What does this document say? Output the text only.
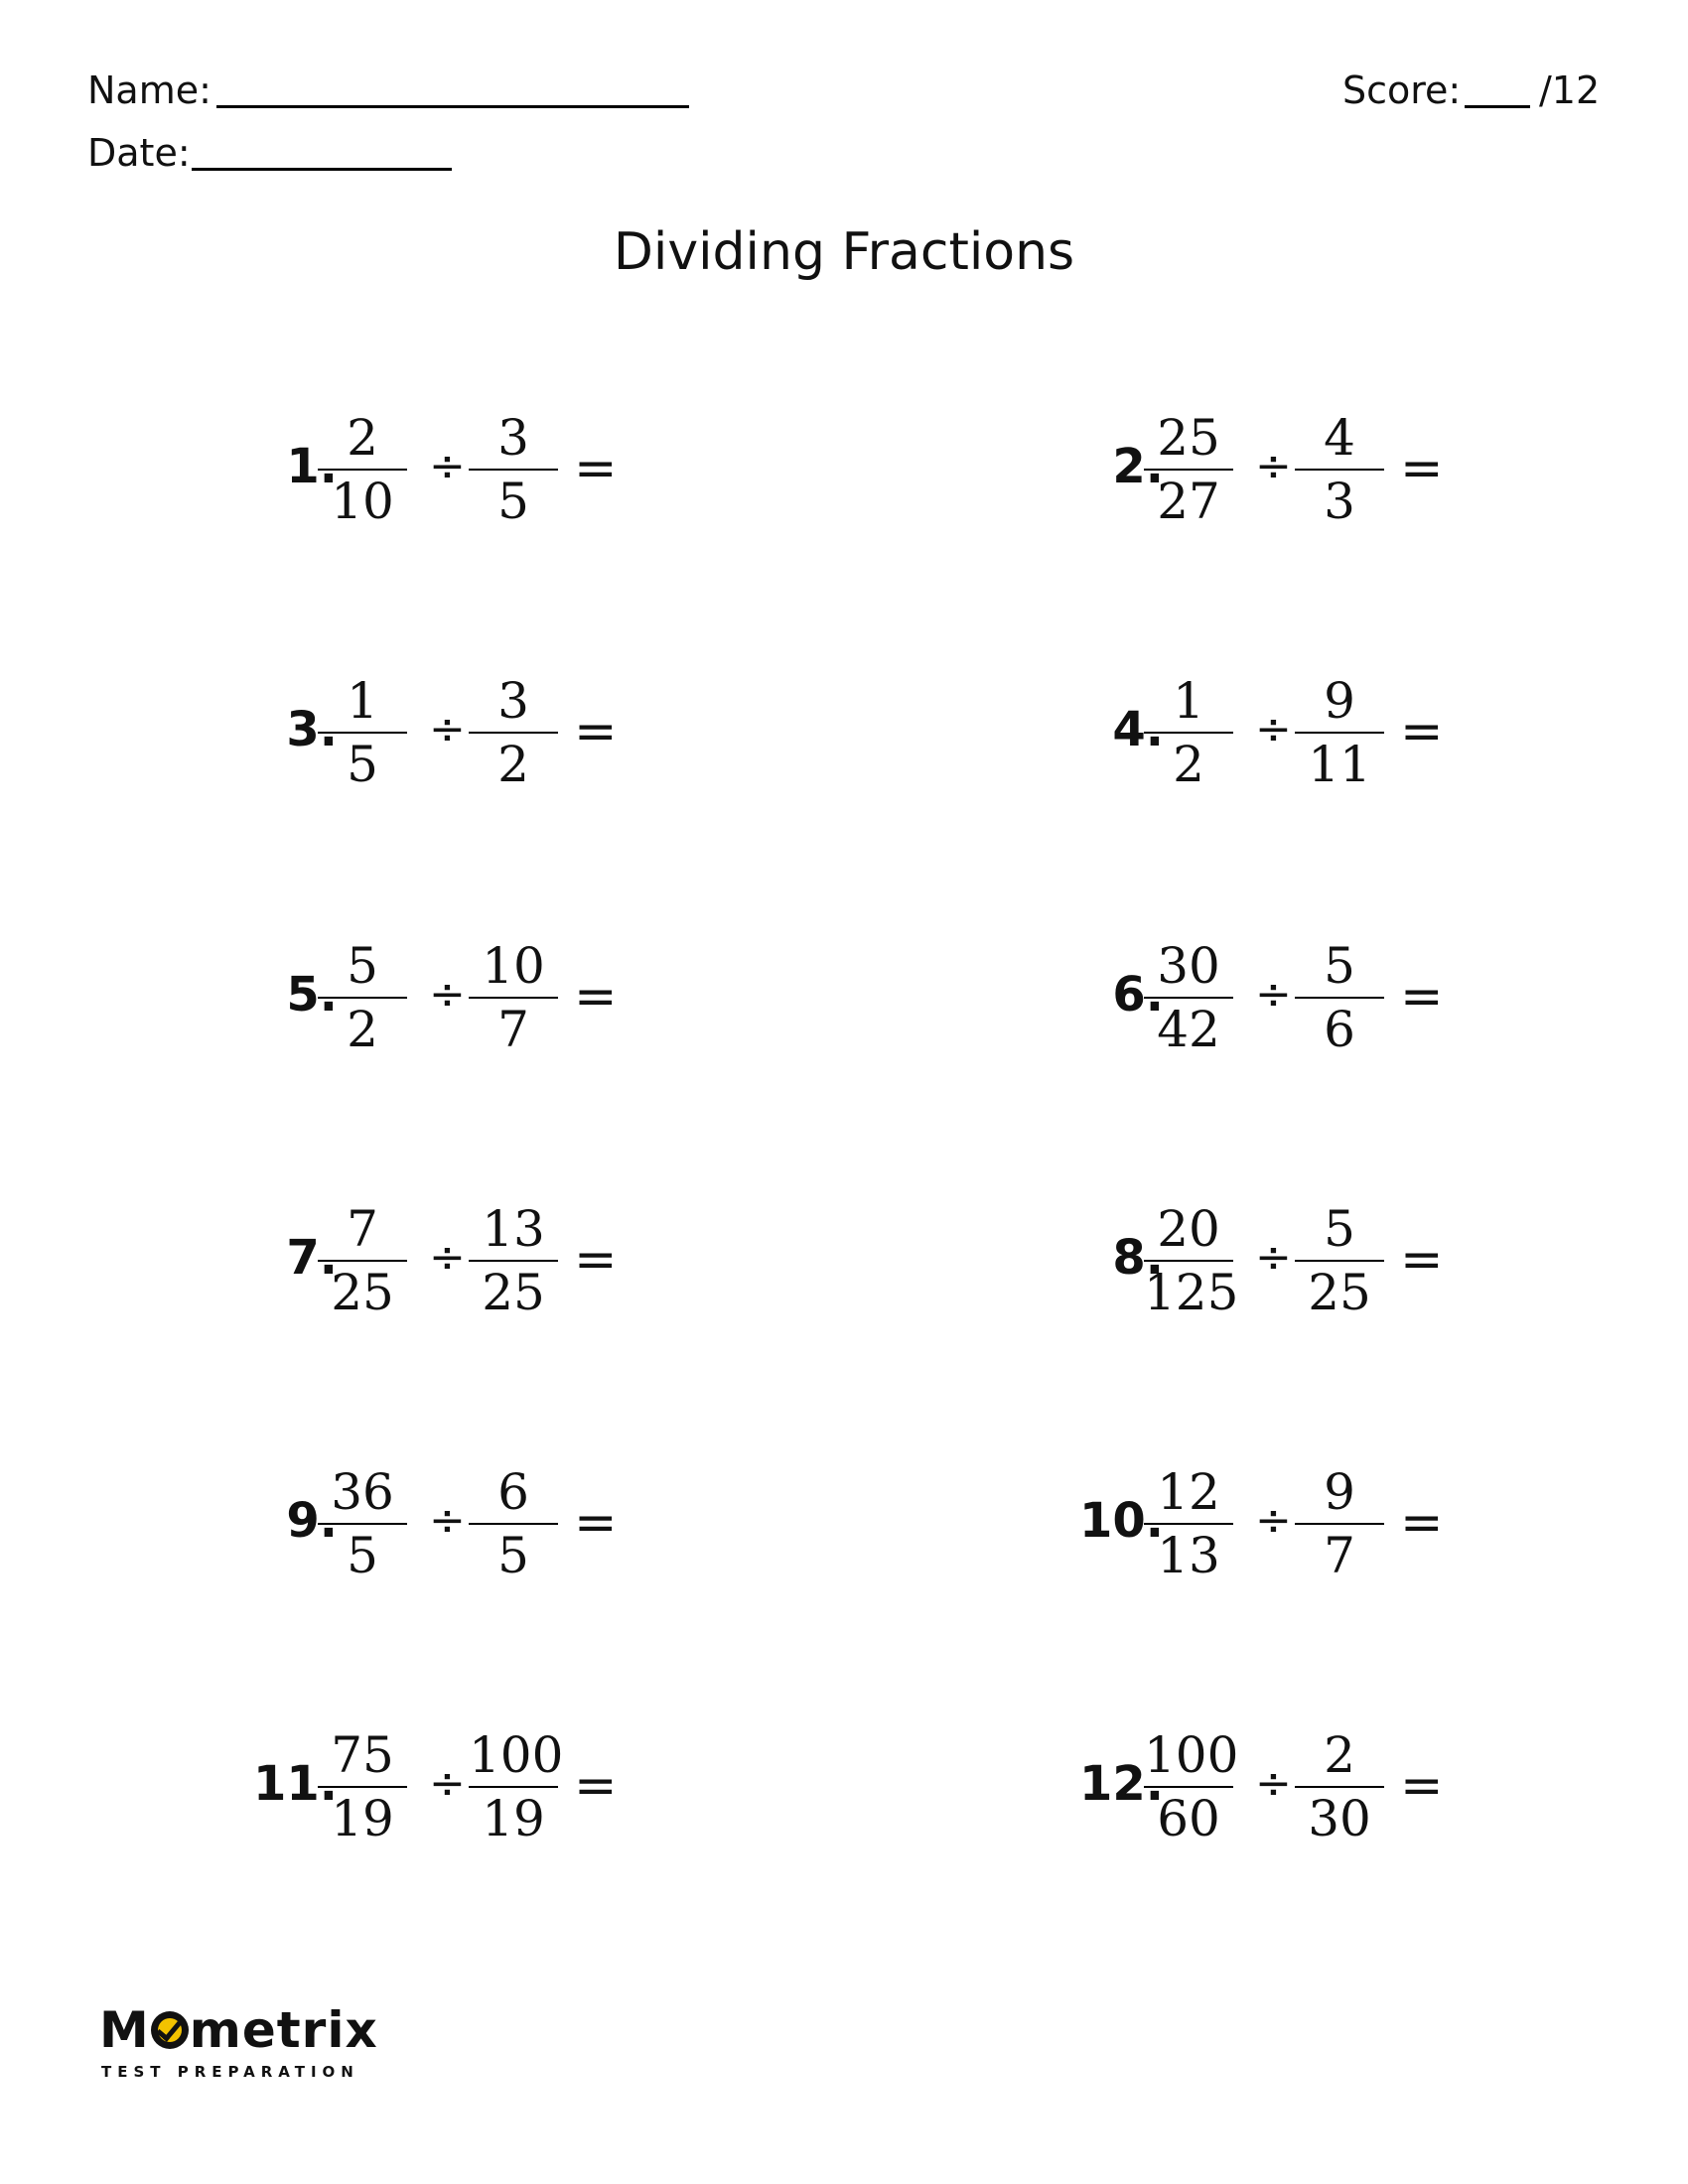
Name:
Date:
Score: /12
Dividing Fractions
1. 2
10
÷ 3
5
=	2.
25
27
÷ 4
3
=
3. 1
5
÷ 3
2
=	4. 1
2
÷ 9
11
=
5. 5
2
÷ 10
7
=	6.
30
42
÷ 5
6
=
7. 7
25
÷ 13
25
=	8.
20
125
÷ 5
25
=
9.
36
5
÷ 6
5
=	10.
12
13
÷ 9
7
=
11.
75
19
÷ 100
19
=	12.
100
60
÷ 2
30
=
M metrix
TEST PREPARATION
